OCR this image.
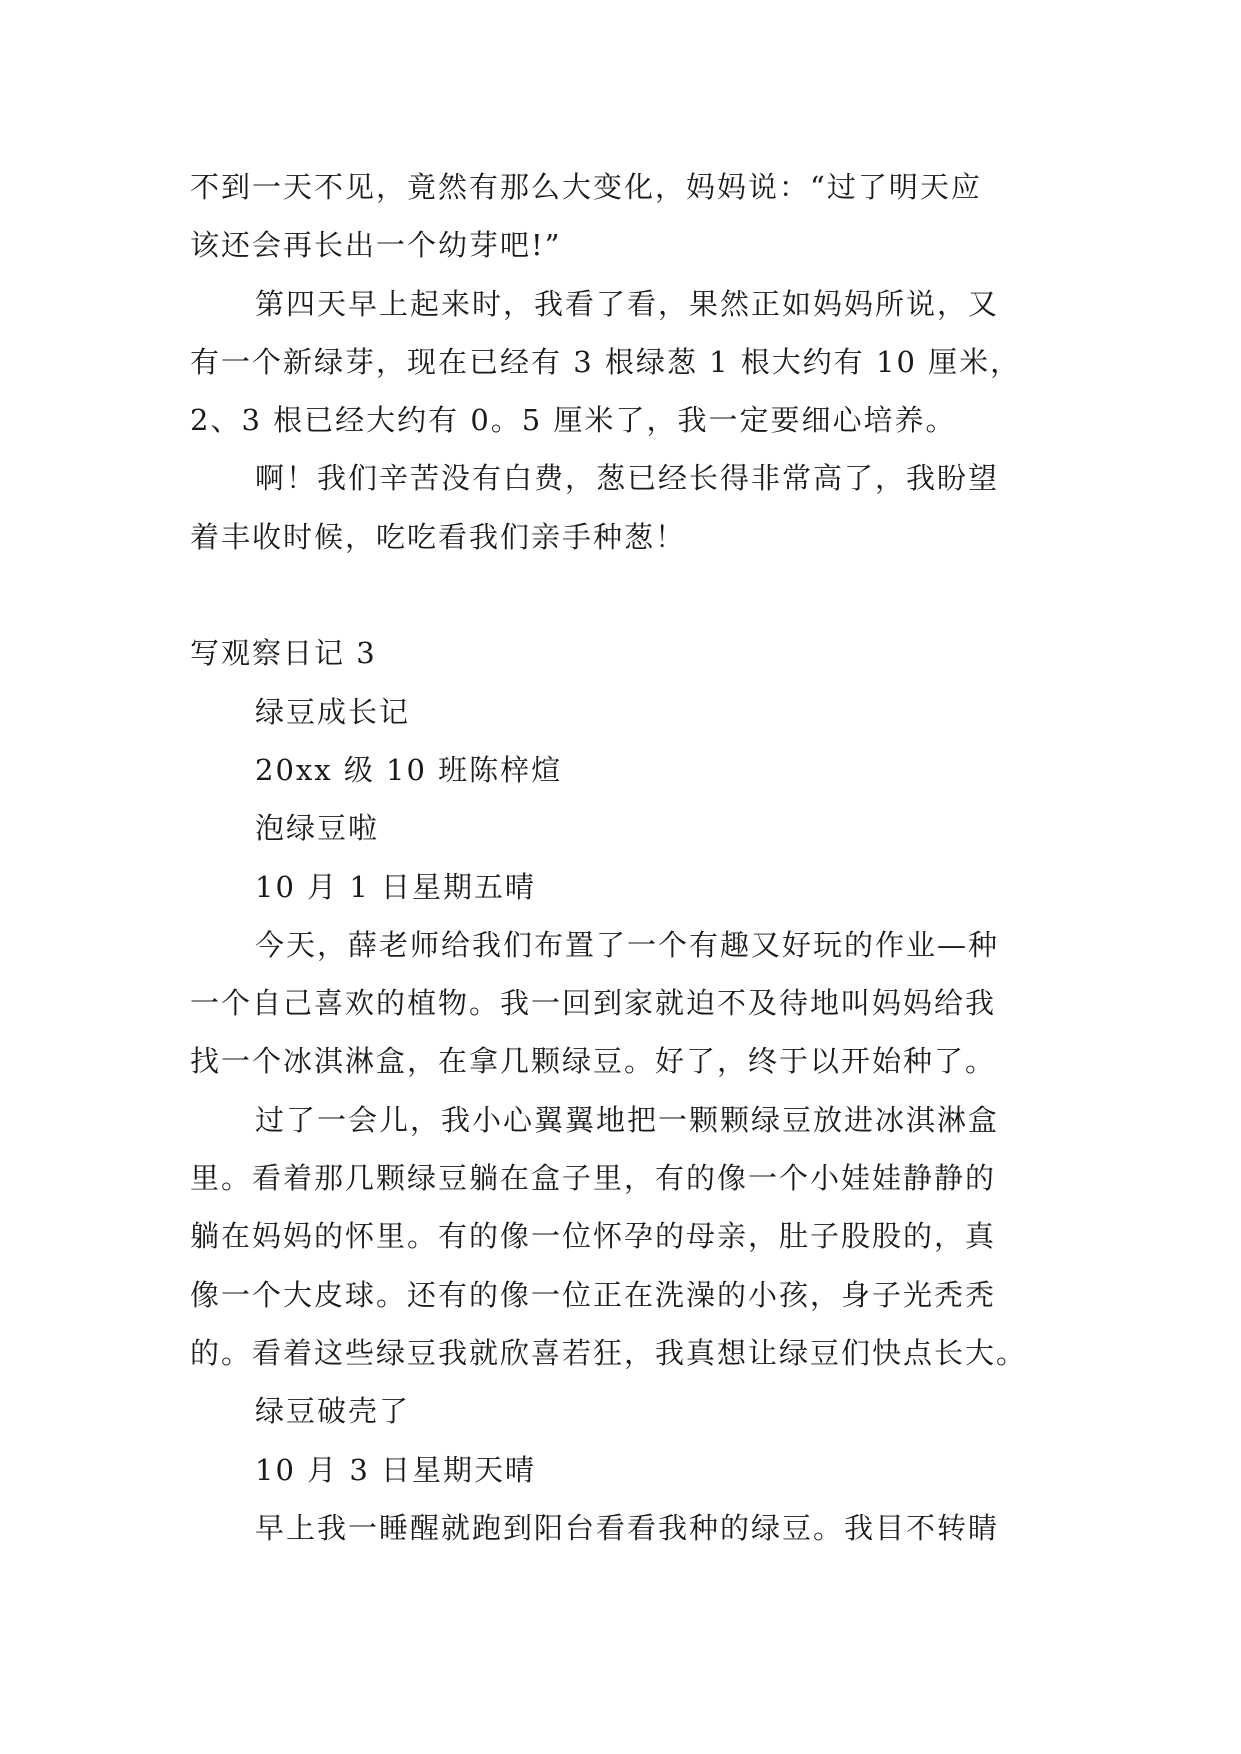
不到一天不见，竟然有那么大变化，妈妈说：“过了明天应
该还会再长出一个幼芽吧!”
第四天早上起来时，我看了看，果然正如妈妈所说，又
有一个新绿芽，现在已经有 3 根绿葱 1 根大约有 10 厘米，
2、3 根已经大约有 0。5 厘米了，我一定要细心培养。
啊！我们辛苦没有白费，葱已经长得非常高了，我盼望
着丰收时候，吃吃看我们亲手种葱！
写观察日记 3
绿豆成长记
20xx 级 10 班陈梓煊
泡绿豆啦
10 月 1 日星期五晴
今天，薛老师给我们布置了一个有趣又好玩的作业—种
一个自己喜欢的植物。我一回到家就迫不及待地叫妈妈给我
找一个冰淇淋盒，在拿几颗绿豆。好了，终于以开始种了。
过了一会儿，我小心翼翼地把一颗颗绿豆放进冰淇淋盒
里。看着那几颗绿豆躺在盒子里，有的像一个小娃娃静静的
躺在妈妈的怀里。有的像一位怀孕的母亲，肚子股股的，真
像一个大皮球。还有的像一位正在洗澡的小孩，身子光秃秃
的。看着这些绿豆我就欣喜若狂，我真想让绿豆们快点长大。
绿豆破壳了
10 月 3 日星期天晴
早上我一睡醒就跑到阳台看看我种的绿豆。我目不转睛
